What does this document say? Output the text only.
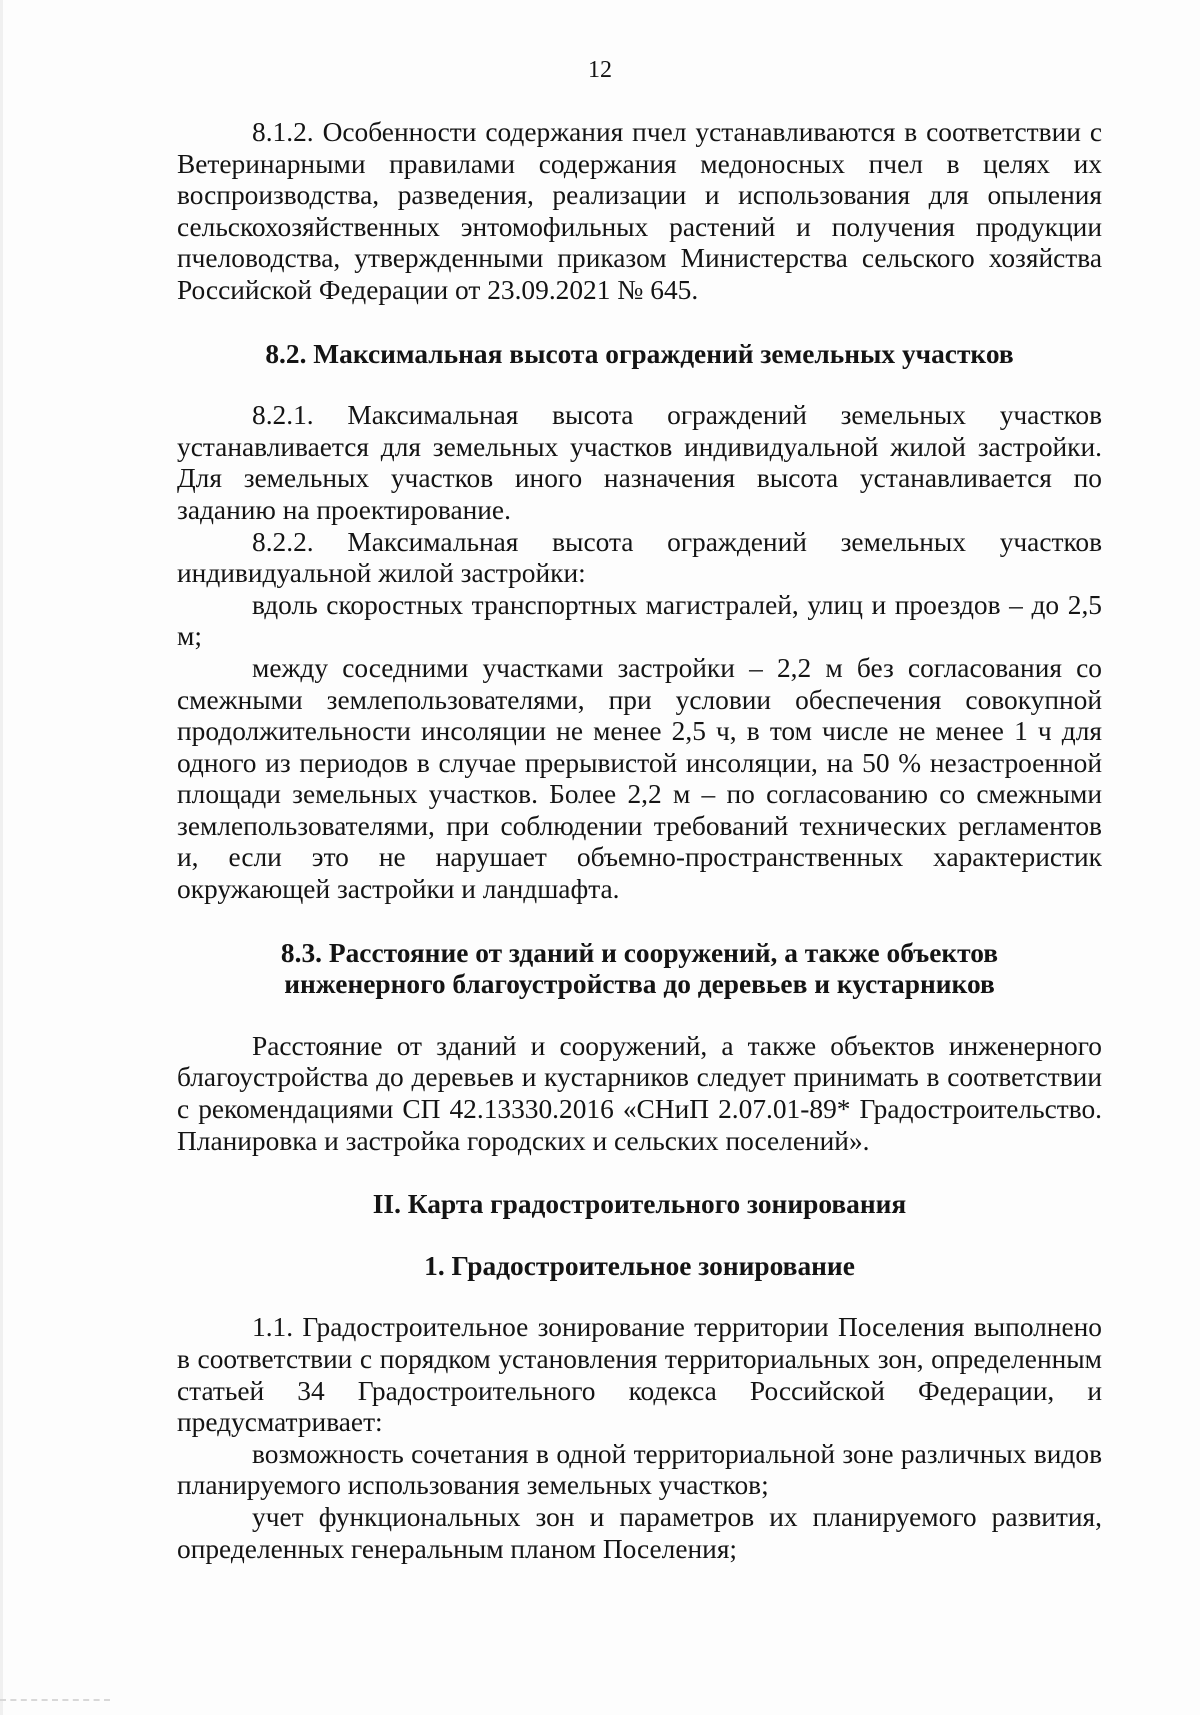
12

8.1.2. Особенности содержания пчел устанавливаются в соответствии с Ветеринарными правилами содержания медоносных пчел в целях их воспроизводства, разведения, реализации и использования для опыления сельскохозяйственных энтомофильных растений и получения продукции пчеловодства, утвержденными приказом Министерства сельского хозяйства Российской Федерации от 23.09.2021 № 645.

8.2. Максимальная высота ограждений земельных участков

8.2.1. Максимальная высота ограждений земельных участков устанавливается для земельных участков индивидуальной жилой застройки. Для земельных участков иного назначения высота устанавливается по заданию на проектирование.

8.2.2. Максимальная высота ограждений земельных участков индивидуальной жилой застройки:

вдоль скоростных транспортных магистралей, улиц и проездов – до 2,5 м;

между соседними участками застройки – 2,2 м без согласования со смежными землепользователями, при условии обеспечения совокупной продолжительности инсоляции не менее 2,5 ч, в том числе не менее 1 ч для одного из периодов в случае прерывистой инсоляции, на 50 % незастроенной площади земельных участков. Более 2,2 м – по согласованию со смежными землепользователями, при соблюдении требований технических регламентов и, если это не нарушает объемно-пространственных характеристик окружающей застройки и ландшафта.

8.3. Расстояние от зданий и сооружений, а также объектов

инженерного благоустройства до деревьев и кустарников

Расстояние от зданий и сооружений, а также объектов инженерного благоустройства до деревьев и кустарников следует принимать в соответствии с рекомендациями СП 42.13330.2016 «СНиП 2.07.01-89* Градостроительство. Планировка и застройка городских и сельских поселений».

II. Карта градостроительного зонирования

1. Градостроительное зонирование

1.1. Градостроительное зонирование территории Поселения выполнено в соответствии с порядком установления территориальных зон, определенным статьей 34 Градостроительного кодекса Российской Федерации, и предусматривает:

возможность сочетания в одной территориальной зоне различных видов планируемого использования земельных участков;

учет функциональных зон и параметров их планируемого развития, определенных генеральным планом Поселения;
